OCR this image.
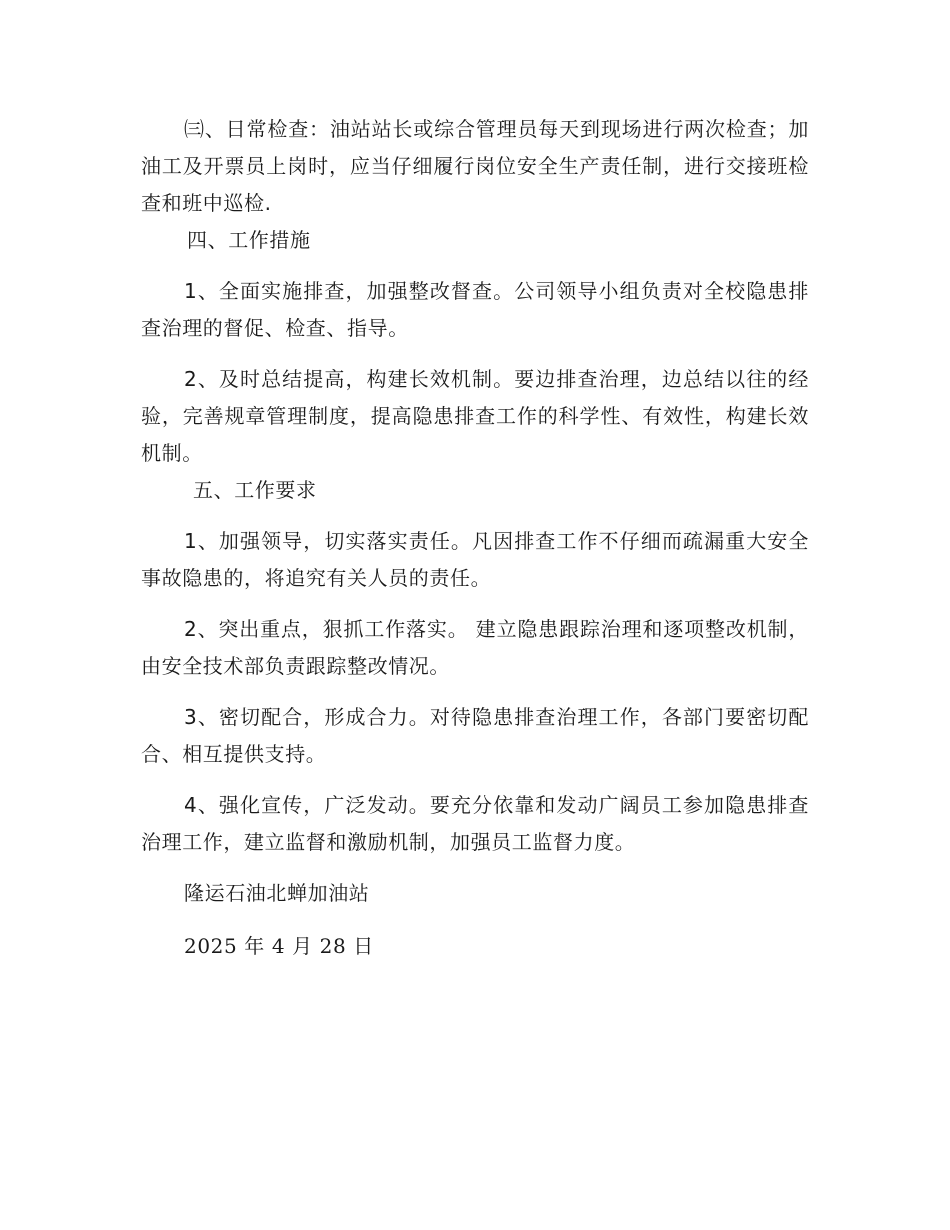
㈢、日常检查：油站站长或综合管理员每天到现场进行两次检查；加油工及开票员上岗时，应当仔细履行岗位安全生产责任制，进行交接班检查和班中巡检.

四、工作措施

1、全面实施排查，加强整改督查。公司领导小组负责对全校隐患排查治理的督促、检查、指导。

2、及时总结提高，构建长效机制。要边排查治理，边总结以往的经验，完善规章管理制度，提高隐患排查工作的科学性、有效性，构建长效机制。

五、工作要求

1、加强领导，切实落实责任。凡因排查工作不仔细而疏漏重大安全事故隐患的，将追究有关人员的责任。

2、突出重点，狠抓工作落实。 建立隐患跟踪治理和逐项整改机制，由安全技术部负责跟踪整改情况。

3、密切配合，形成合力。对待隐患排查治理工作，各部门要密切配合、相互提供支持。

4、强化宣传，广泛发动。要充分依靠和发动广阔员工参加隐患排查治理工作，建立监督和激励机制，加强员工监督力度。

隆运石油北蝉加油站

2025 年 4 月 28 日
